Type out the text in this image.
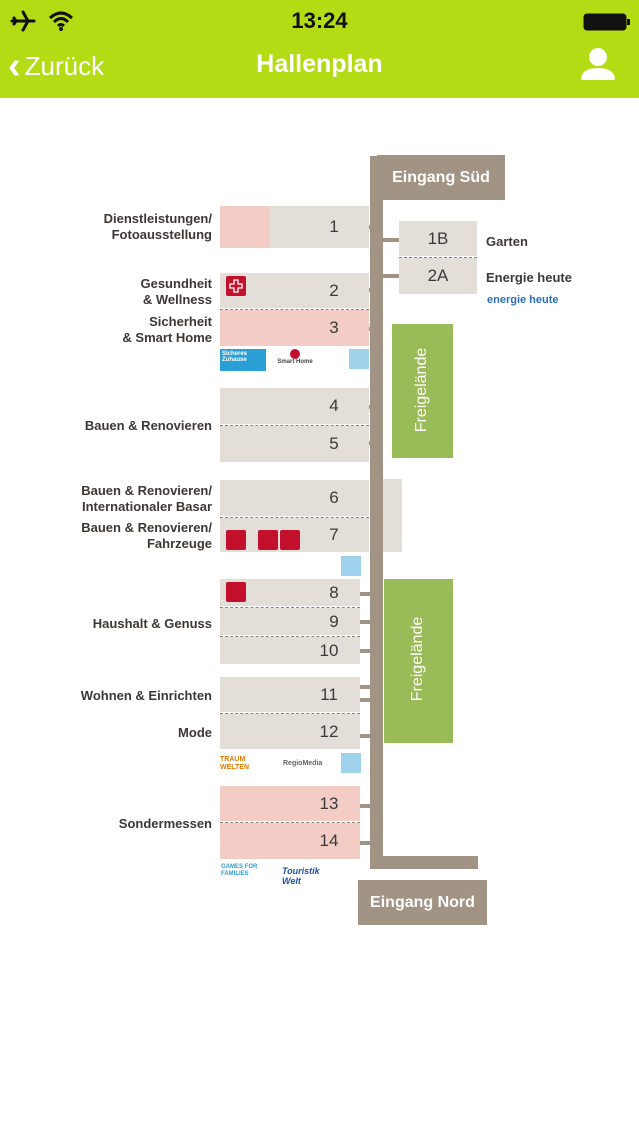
13:24
‹ Zurück	Hallenplan
Eingang Süd
Eingang Nord
1
Dienstleistungen/
Fotoausstellung
2
3
Gesundheit
& Wellness
Sicherheit
& Smart Home
Sicheres Zuhause	Smart Home
4
5
Bauen & Renovieren
6
7
Bauen & Renovieren/
Internationaler Basar
Bauen & Renovieren/
Fahrzeuge
8
9
10
Haushalt & Genuss
11
12
Wohnen & Einrichten
Mode
TRAUM WELTEN
RegioMedia
13
14
Sondermessen
GAMES FOR FAMILIES	Touristik Welt
Freigelände
Freigelände
1B
2A
Garten
Energie heute
energie heute
